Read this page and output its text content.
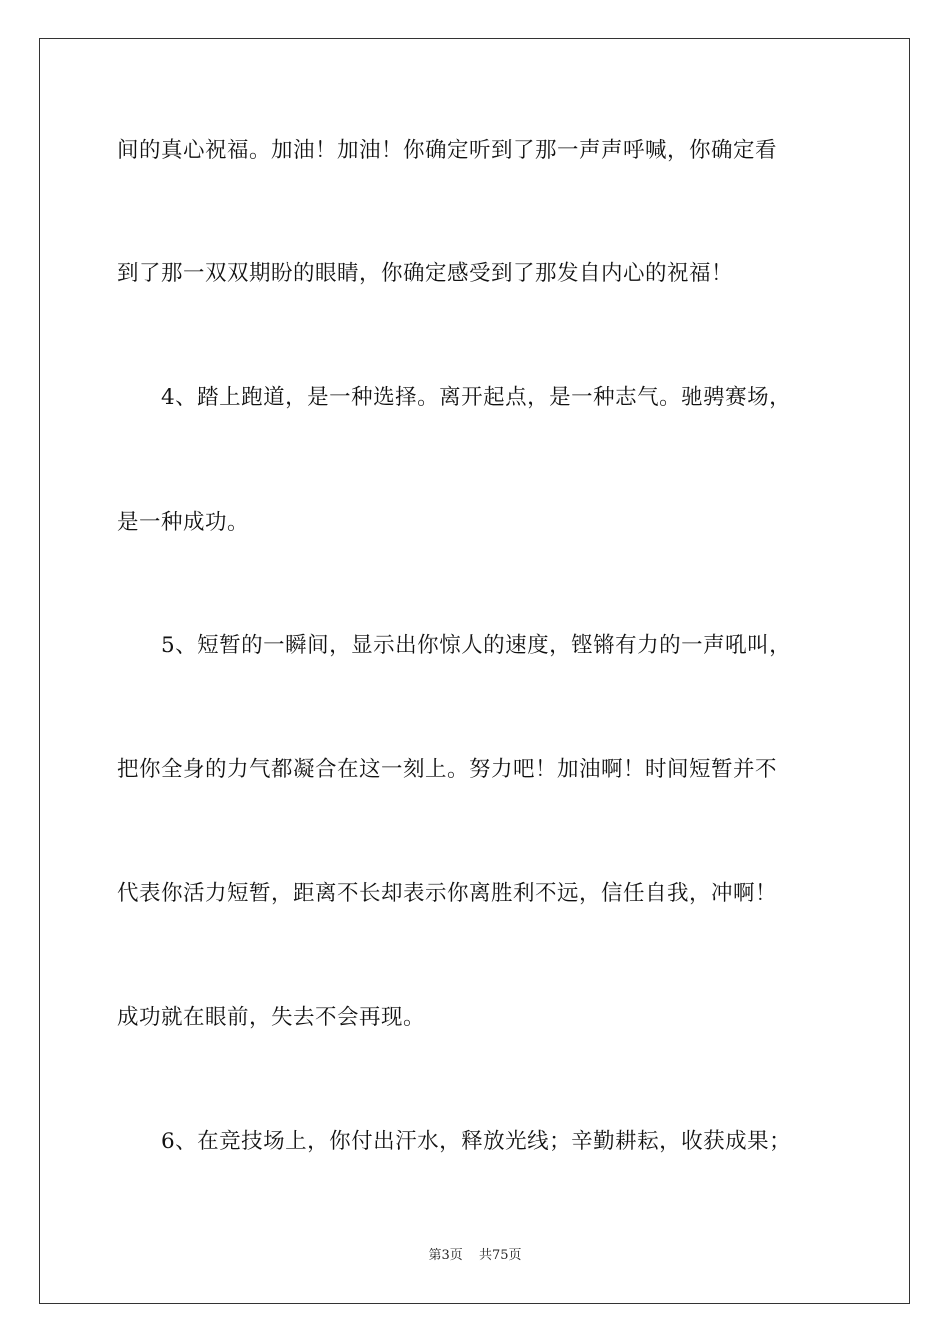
间的真心祝福。加油！加油！你确定听到了那一声声呼喊，你确定看
到了那一双双期盼的眼睛，你确定感受到了那发自内心的祝福！
　　4、踏上跑道，是一种选择。离开起点，是一种志气。驰骋赛场，
是一种成功。
　　5、短暂的一瞬间，显示出你惊人的速度，铿锵有力的一声吼叫，
把你全身的力气都凝合在这一刻上。努力吧！加油啊！时间短暂并不
代表你活力短暂，距离不长却表示你离胜利不远，信任自我，冲啊！
成功就在眼前，失去不会再现。
　　6、在竞技场上，你付出汗水，释放光线；辛勤耕耘，收获成果；
第3页 共75页
